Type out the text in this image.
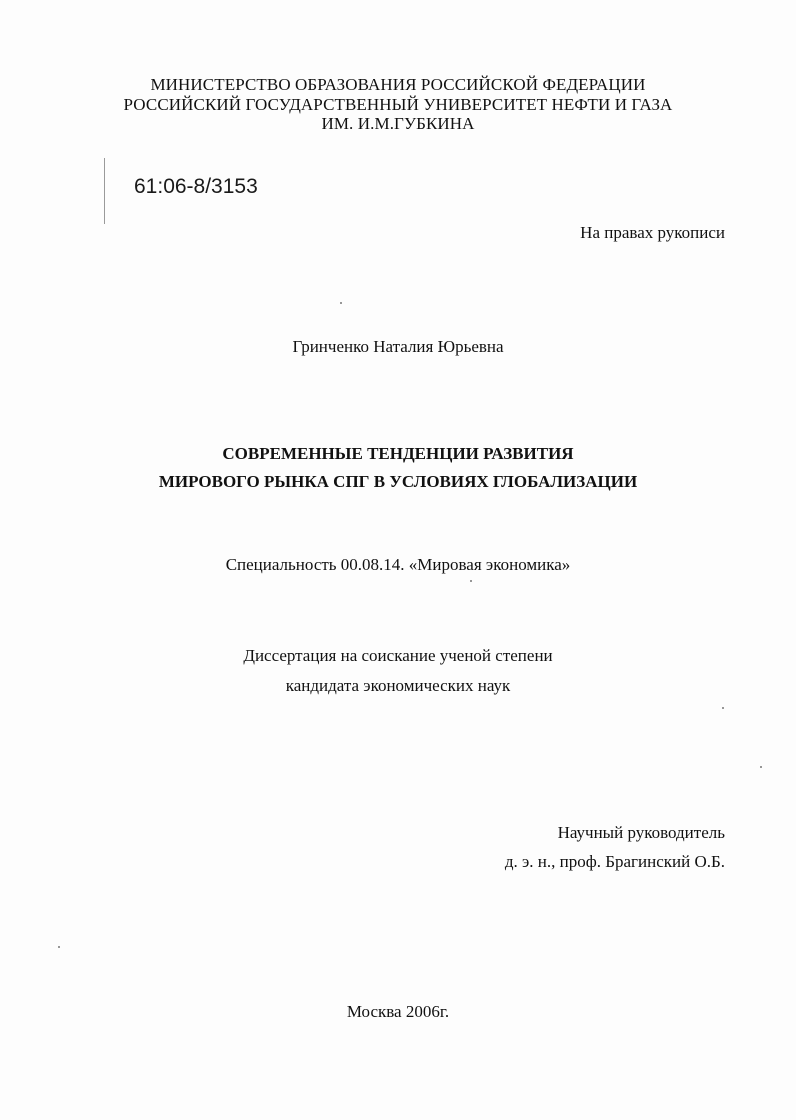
МИНИСТЕРСТВО ОБРАЗОВАНИЯ РОССИЙСКОЙ ФЕДЕРАЦИИ
РОССИЙСКИЙ ГОСУДАРСТВЕННЫЙ УНИВЕРСИТЕТ НЕФТИ И ГАЗА
ИМ. И.М.ГУБКИНА
61:06-8/3153
На правах рукописи
Гринченко Наталия Юрьевна
СОВРЕМЕННЫЕ ТЕНДЕНЦИИ РАЗВИТИЯ
МИРОВОГО РЫНКА СПГ В УСЛОВИЯХ ГЛОБАЛИЗАЦИИ
Специальность 00.08.14. «Мировая экономика»
Диссертация на соискание ученой степени
кандидата экономических наук
Научный руководитель
д. э. н., проф. Брагинский О.Б.
Москва 2006г.
